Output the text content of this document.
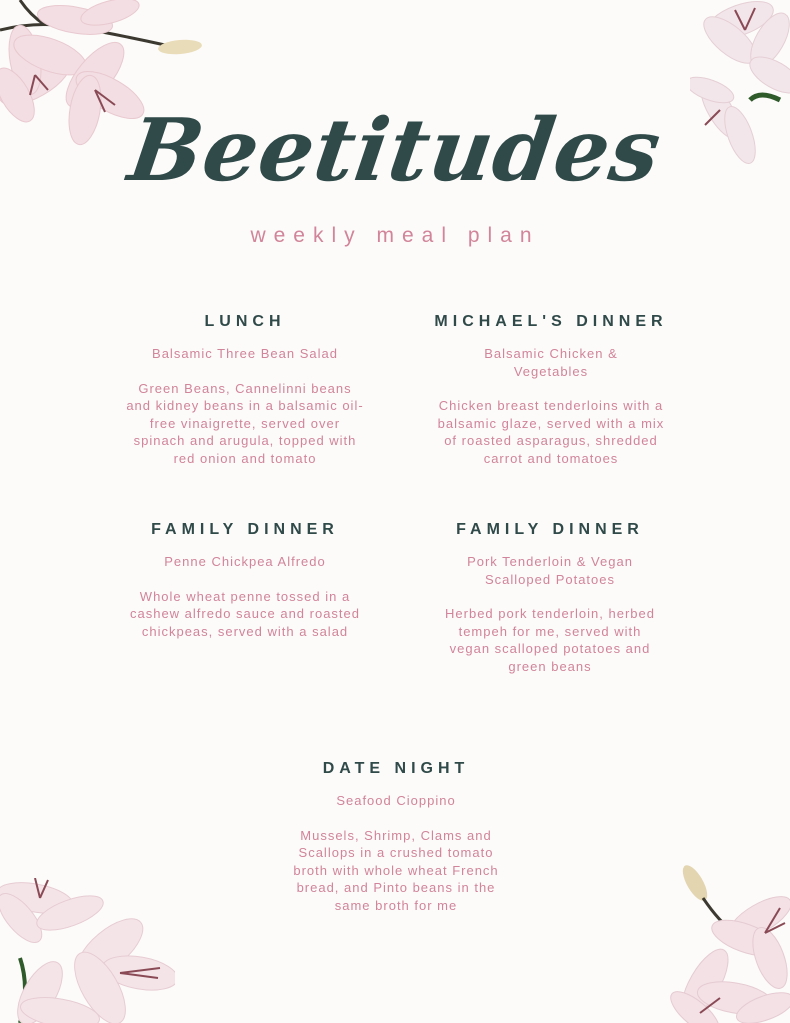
Beetitudes
weekly meal plan
LUNCH
Balsamic Three Bean Salad
Green Beans, Cannelinni beans and kidney beans in a balsamic oil-free vinaigrette, served over spinach and arugula, topped with red onion and tomato
MICHAEL'S DINNER
Balsamic Chicken & Vegetables
Chicken breast tenderloins with a balsamic glaze, served with a mix of roasted asparagus, shredded carrot and tomatoes
FAMILY DINNER
Penne Chickpea Alfredo
Whole wheat penne tossed in a cashew alfredo sauce and roasted chickpeas, served with a salad
FAMILY DINNER
Pork Tenderloin & Vegan Scalloped Potatoes
Herbed pork tenderloin, herbed tempeh for me, served with vegan scalloped potatoes and green beans
DATE NIGHT
Seafood Cioppino
Mussels, Shrimp, Clams and Scallops in a crushed tomato broth with whole wheat French bread, and Pinto beans in the same broth for me
